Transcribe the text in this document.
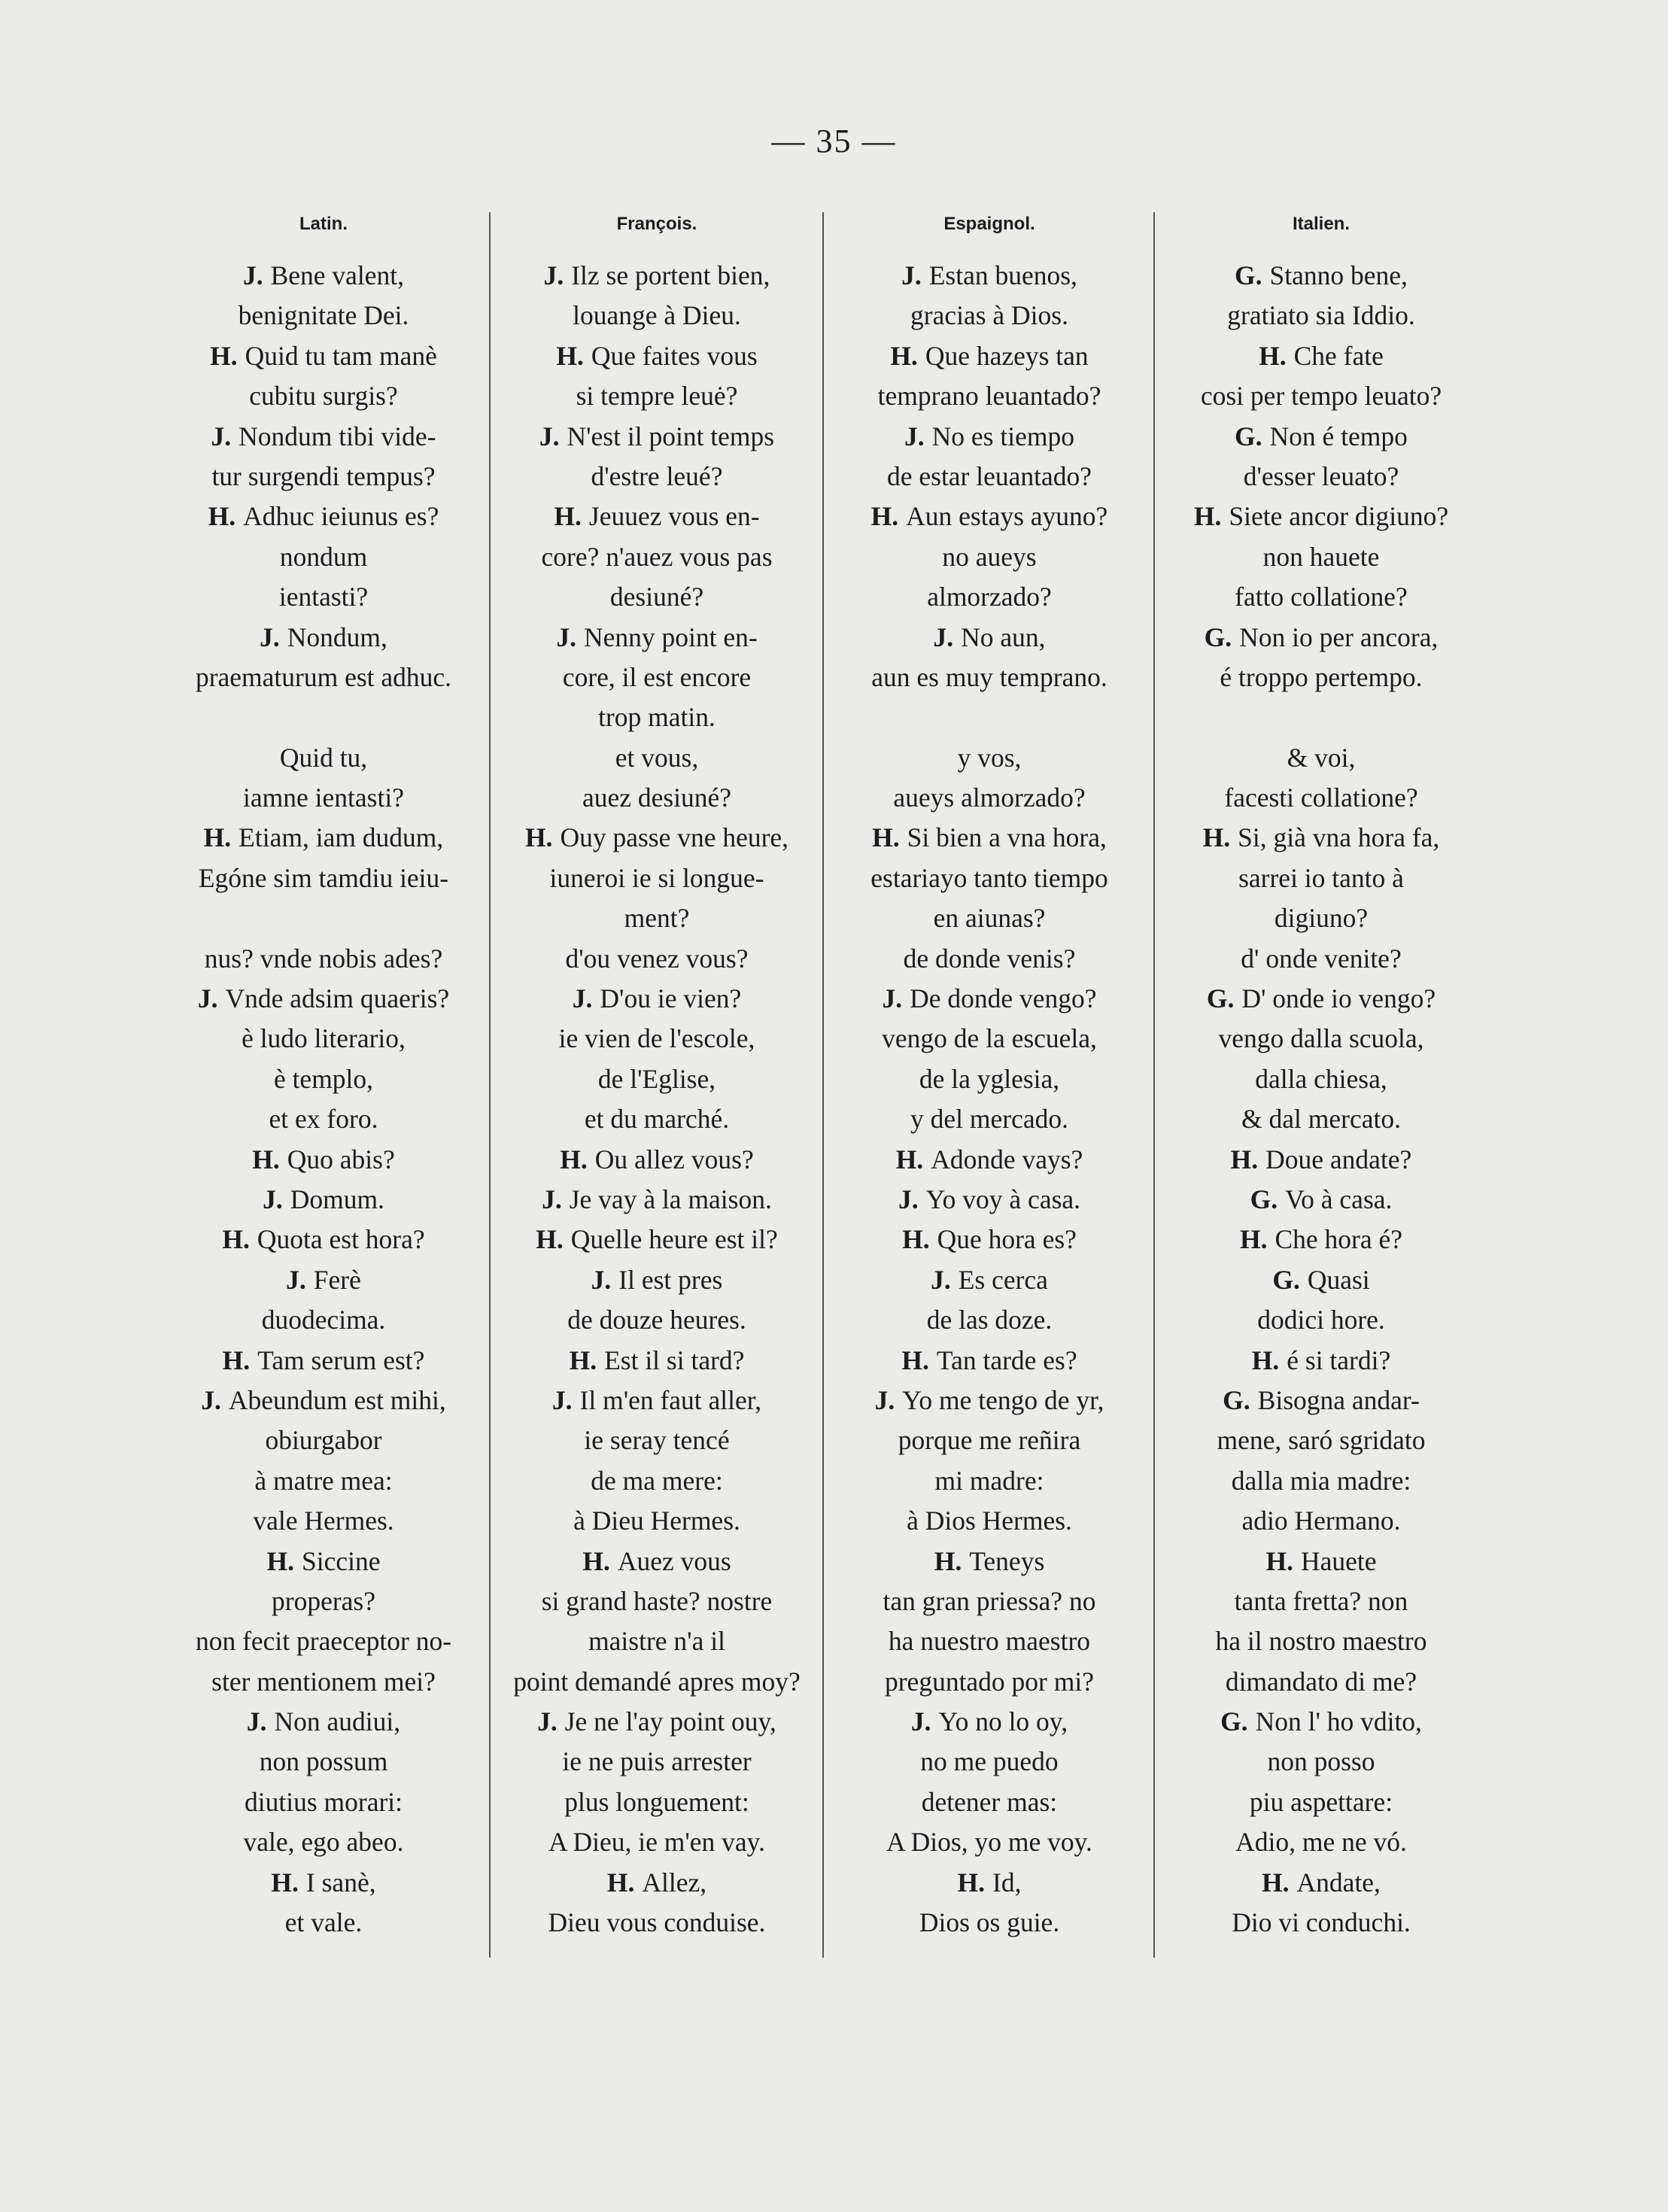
— 35 —
Latin.
J. Bene valent,
benignitate Dei.
H. Quid tu tam manè
cubitu surgis?
J. Nondum tibi vide-
tur surgendi tempus?
H. Adhuc ieiunus es?
nondum
ientasti?
J. Nondum,
praematurum est adhuc.
Quid tu,
iamne ientasti?
H. Etiam, iam dudum,
Egóne sim tamdiu ieiu-
nus? vnde nobis ades?
J. Vnde adsim quaeris?
è ludo literario,
è templo,
et ex foro.
H. Quo abis?
J. Domum.
H. Quota est hora?
J. Ferè
duodecima.
H. Tam serum est?
J. Abeundum est mihi,
obiurgabor
à matre mea:
vale Hermes.
H. Siccine
properas?
non fecit praeceptor no-
ster mentionem mei?
J. Non audiui,
non possum
diutius morari:
vale, ego abeo.
H. I sanè,
et vale.
François.
J. Ilz se portent bien,
louange à Dieu.
H. Que faites vous
si tempre leuė?
J. N'est il point temps
d'estre leué?
H. Jeuuez vous en-
core? n'auez vous pas
desiuné?
J. Nenny point en-
core, il est encore
trop matin.
et vous,
auez desiuné?
H. Ouy passe vne heure,
iuneroi ie si longue-
ment?
d'ou venez vous?
J. D'ou ie vien?
ie vien de l'escole,
de l'Eglise,
et du marché.
H. Ou allez vous?
J. Je vay à la maison.
H. Quelle heure est il?
J. Il est pres
de douze heures.
H. Est il si tard?
J. Il m'en faut aller,
ie seray tencé
de ma mere:
à Dieu Hermes.
H. Auez vous
si grand haste? nostre
maistre n'a il
point demandé apres moy?
J. Je ne l'ay point ouy,
ie ne puis arrester
plus longuement:
A Dieu, ie m'en vay.
H. Allez,
Dieu vous conduise.
Espaignol.
J. Estan buenos,
gracias à Dios.
H. Que hazeys tan
temprano leuantado?
J. No es tiempo
de estar leuantado?
H. Aun estays ayuno?
no aueys
almorzado?
J. No aun,
aun es muy temprano.
y vos,
aueys almorzado?
H. Si bien a vna hora,
estariayo tanto tiempo
en aiunas?
de donde venis?
J. De donde vengo?
vengo de la escuela,
de la yglesia,
y del mercado.
H. Adonde vays?
J. Yo voy à casa.
H. Que hora es?
J. Es cerca
de las doze.
H. Tan tarde es?
J. Yo me tengo de yr,
porque me reñira
mi madre:
à Dios Hermes.
H. Teneys
tan gran priessa? no
ha nuestro maestro
preguntado por mi?
J. Yo no lo oy,
no me puedo
detener mas:
A Dios, yo me voy.
H. Id,
Dios os guie.
Italien.
G. Stanno bene,
gratiato sia Iddio.
H. Che fate
cosi per tempo leuato?
G. Non é tempo
d'esser leuato?
H. Siete ancor digiuno?
non hauete
fatto collatione?
G. Non io per ancora,
é troppo pertempo.
& voi,
facesti collatione?
H. Si, già vna hora fa,
sarrei io tanto à
digiuno?
d' onde venite?
G. D' onde io vengo?
vengo dalla scuola,
dalla chiesa,
& dal mercato.
H. Doue andate?
G. Vo à casa.
H. Che hora é?
G. Quasi
dodici hore.
H. é si tardi?
G. Bisogna andar-
mene, saró sgridato
dalla mia madre:
adio Hermano.
H. Hauete
tanta fretta? non
ha il nostro maestro
dimandato di me?
G. Non l' ho vdito,
non posso
piu aspettare:
Adio, me ne vó.
H. Andate,
Dio vi conduchi.
